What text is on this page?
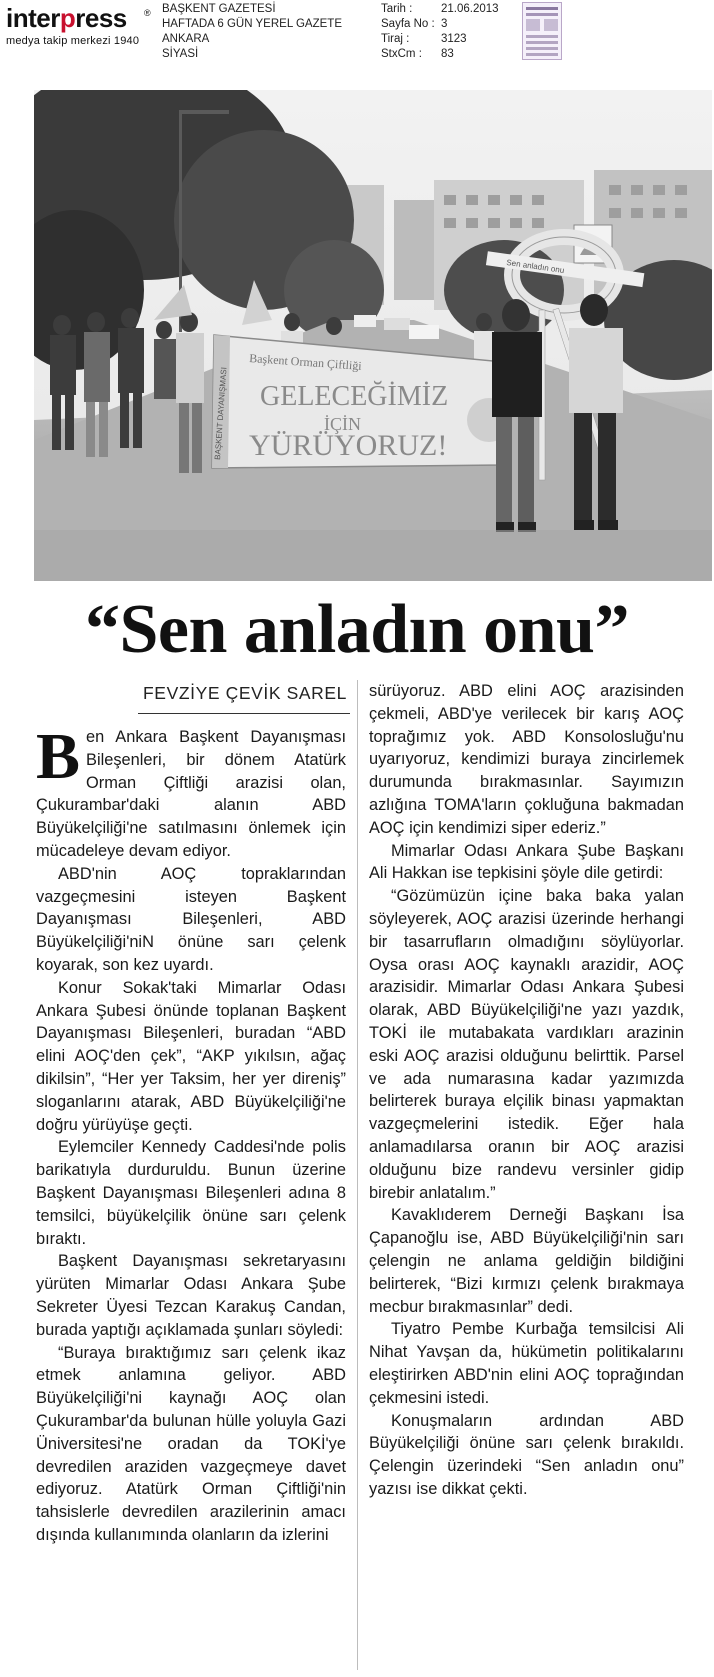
interpress ®
medya takip merkezi 1940
BAŞKENT GAZETESİ
HAFTADA 6 GÜN YEREL GAZETE
ANKARA
SİYASİ
Tarih :	21.06.2013
Sayfa No : 3
Tiraj :	3123
StxCm :	83
BAŞKENT DAYANIŞMASI
Başkent Orman Çiftliği
GELECEĞİMİZ
İÇİN
YÜRÜYORUZ!
Sen anladın onu
“Sen anladın onu”
FEVZİYE ÇEVİK SAREL

Ben Ankara Başkent Dayanışması Bileşenleri, bir dönem Atatürk Orman Çiftliği arazisi olan, Çukurambar'daki alanın ABD Büyükelçiliği'ne satılmasını önlemek için mücadeleye devam ediyor.

ABD'nin AOÇ topraklarından vazgeçmesini isteyen Başkent Dayanışması Bileşenleri, ABD Büyükelçiliği'niN önüne sarı çelenk koyarak, son kez uyardı.

Konur Sokak'taki Mimarlar Odası Ankara Şubesi önünde toplanan Başkent Dayanışması Bileşenleri, buradan “ABD elini AOÇ'den çek”, “AKP yıkılsın, ağaç dikilsin”, “Her yer Taksim, her yer direniş” sloganlarını atarak, ABD Büyükelçiliği'ne doğru yürüyüşe geçti.

Eylemciler Kennedy Caddesi'nde polis barikatıyla durduruldu. Bunun üzerine Başkent Dayanışması Bileşenleri adına 8 temsilci, büyükelçilik önüne sarı çelenk bıraktı.

Başkent Dayanışması sekretaryasını yürüten Mimarlar Odası Ankara Şube Sekreter Üyesi Tezcan Karakuş Candan, burada yaptığı açıklamada şunları söyledi:

“Buraya bıraktığımız sarı çelenk ikaz etmek anlamına geliyor. ABD Büyükelçiliği'ni kaynağı AOÇ olan Çukurambar'da bulunan hülle yoluyla Gazi Üniversitesi'ne oradan da TOKİ'ye devredilen araziden vazgeçmeye davet ediyoruz. Atatürk Orman Çiftliği'nin tahsislerle devredilen arazilerinin amacı dışında kullanımında olanların da izlerini

sürüyoruz. ABD elini AOÇ arazisinden çekmeli, ABD'ye verilecek bir karış AOÇ toprağımız yok. ABD Konsolosluğu'nu uyarıyoruz, kendimizi buraya zincirlemek durumunda bırakmasınlar. Sayımızın azlığına TOMA'ların çokluğuna bakmadan AOÇ için kendimizi siper ederiz.”

Mimarlar Odası Ankara Şube Başkanı Ali Hakkan ise tepkisini şöyle dile getirdi:

“Gözümüzün içine baka baka yalan söyleyerek, AOÇ arazisi üzerinde herhangi bir tasarrufların olmadığını söylüyorlar. Oysa orası AOÇ kaynaklı arazidir, AOÇ arazisidir. Mimarlar Odası Ankara Şubesi olarak, ABD Büyükelçiliği'ne yazı yazdık, TOKİ ile mutabakata vardıkları arazinin eski AOÇ arazisi olduğunu belirttik. Parsel ve ada numarasına kadar yazımızda belirterek buraya elçilik binası yapmaktan vazgeçmelerini istedik. Eğer hala anlamadılarsa oranın bir AOÇ arazisi olduğunu bize randevu versinler gidip birebir anlatalım.”

Kavaklıderem Derneği Başkanı İsa Çapanoğlu ise, ABD Büyükelçiliği'nin sarı çelengin ne anlama geldiğin bildiğini belirterek, “Bizi kırmızı çelenk bırakmaya mecbur bırakmasınlar” dedi.

Tiyatro Pembe Kurbağa temsilcisi Ali Nihat Yavşan da, hükümetin politikalarını eleştirirken ABD'nin elini AOÇ toprağından çekmesini istedi.

Konuşmaların ardından ABD Büyükelçiliği önüne sarı çelenk bırakıldı. Çelengin üzerindeki “Sen anladın onu” yazısı ise dikkat çekti.
